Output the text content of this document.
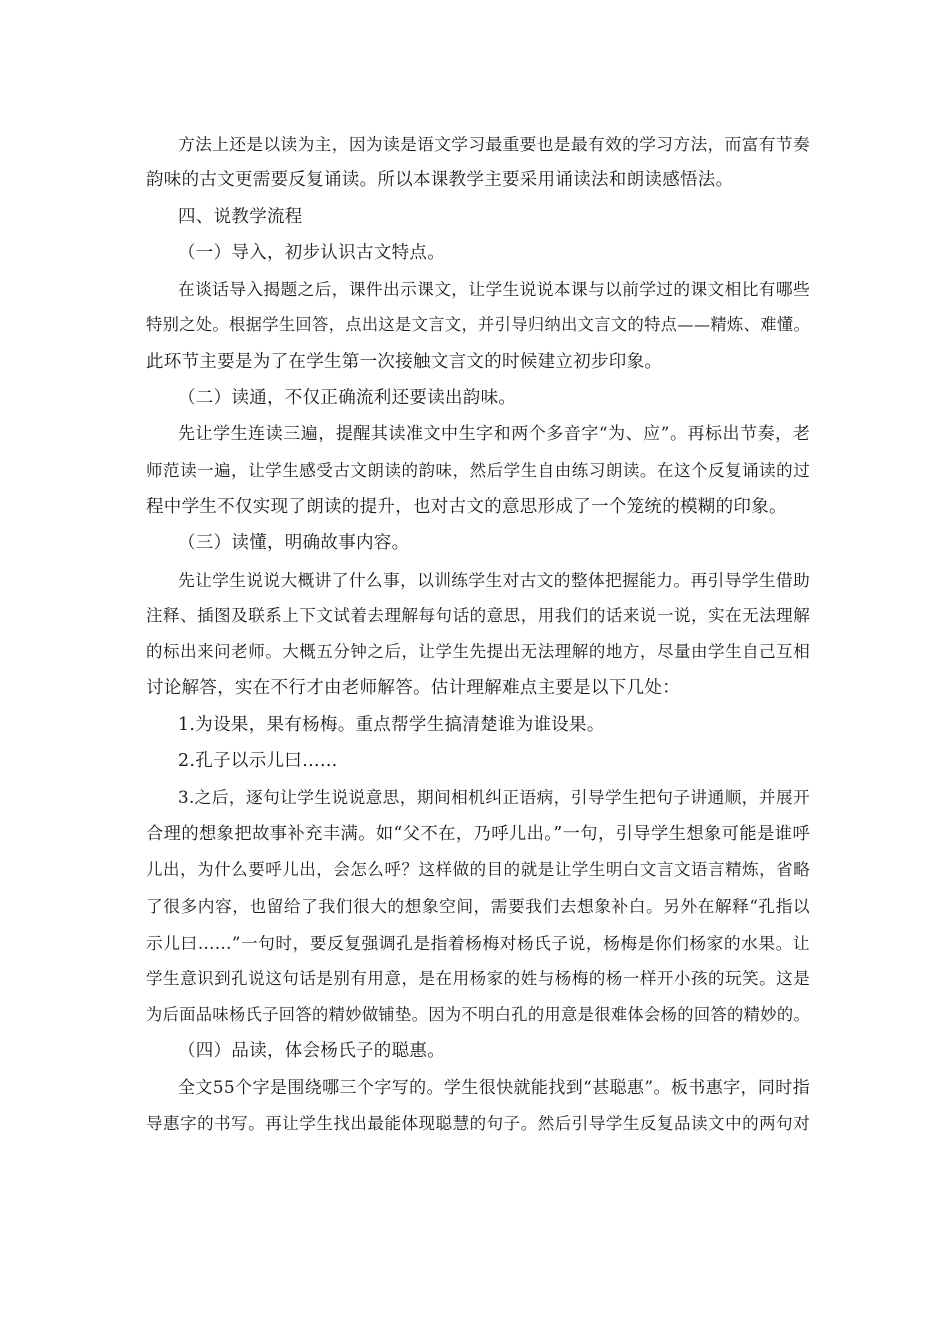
方法上还是以读为主，因为读是语文学习最重要也是最有效的学习方法，而富有节奏
韵味的古文更需要反复诵读。所以本课教学主要采用诵读法和朗读感悟法。
四、说教学流程
（一）导入，初步认识古文特点。
在谈话导入揭题之后，课件出示课文，让学生说说本课与以前学过的课文相比有哪些
特别之处。根据学生回答，点出这是文言文，并引导归纳出文言文的特点——精炼、难懂。
此环节主要是为了在学生第一次接触文言文的时候建立初步印象。
（二）读通，不仅正确流利还要读出韵味。
先让学生连读三遍，提醒其读准文中生字和两个多音字“为、应”。再标出节奏，老
师范读一遍，让学生感受古文朗读的韵味，然后学生自由练习朗读。在这个反复诵读的过
程中学生不仅实现了朗读的提升，也对古文的意思形成了一个笼统的模糊的印象。
（三）读懂，明确故事内容。
先让学生说说大概讲了什么事，以训练学生对古文的整体把握能力。再引导学生借助
注释、插图及联系上下文试着去理解每句话的意思，用我们的话来说一说，实在无法理解
的标出来问老师。大概五分钟之后，让学生先提出无法理解的地方，尽量由学生自己互相
讨论解答，实在不行才由老师解答。估计理解难点主要是以下几处：
1.为设果，果有杨梅。重点帮学生搞清楚谁为谁设果。
2.孔子以示儿曰……
3.之后，逐句让学生说说意思，期间相机纠正语病，引导学生把句子讲通顺，并展开
合理的想象把故事补充丰满。如“父不在，乃呼儿出。”一句，引导学生想象可能是谁呼
儿出，为什么要呼儿出，会怎么呼？这样做的目的就是让学生明白文言文语言精炼，省略
了很多内容，也留给了我们很大的想象空间，需要我们去想象补白。另外在解释“孔指以
示儿曰……”一句时，要反复强调孔是指着杨梅对杨氏子说，杨梅是你们杨家的水果。让
学生意识到孔说这句话是别有用意，是在用杨家的姓与杨梅的杨一样开小孩的玩笑。这是
为后面品味杨氏子回答的精妙做铺垫。因为不明白孔的用意是很难体会杨的回答的精妙的。
（四）品读，体会杨氏子的聪惠。
全文55个字是围绕哪三个字写的。学生很快就能找到“甚聪惠”。板书惠字，同时指
导惠字的书写。再让学生找出最能体现聪慧的句子。然后引导学生反复品读文中的两句对
